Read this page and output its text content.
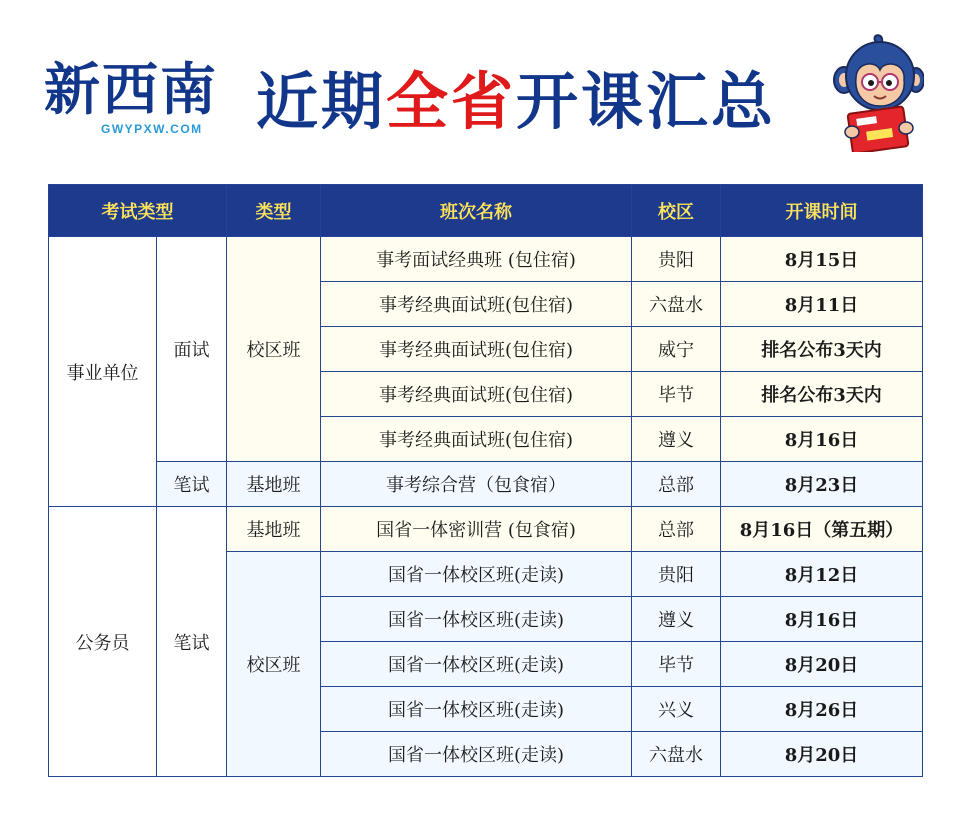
新西南
GWYPXW.COM 近期全省开课汇总
考试类型		类型	班次名称	校区	开课时间
事业单位	面试	校区班	事考面试经典班 (包住宿)	贵阳	8月15日
			事考经典面试班(包住宿)	六盘水	8月11日
			事考经典面试班(包住宿)	威宁	排名公布3天内
			事考经典面试班(包住宿)	毕节	排名公布3天内
			事考经典面试班(包住宿)	遵义	8月16日
	笔试	基地班	事考综合营（包食宿）	总部	8月23日
公务员	笔试	基地班	国省一体密训营 (包食宿)	总部	8月16日（第五期）
		校区班	国省一体校区班(走读)	贵阳	8月12日
			国省一体校区班(走读)	遵义	8月16日
			国省一体校区班(走读)	毕节	8月20日
			国省一体校区班(走读)	兴义	8月26日
			国省一体校区班(走读)	六盘水	8月20日
